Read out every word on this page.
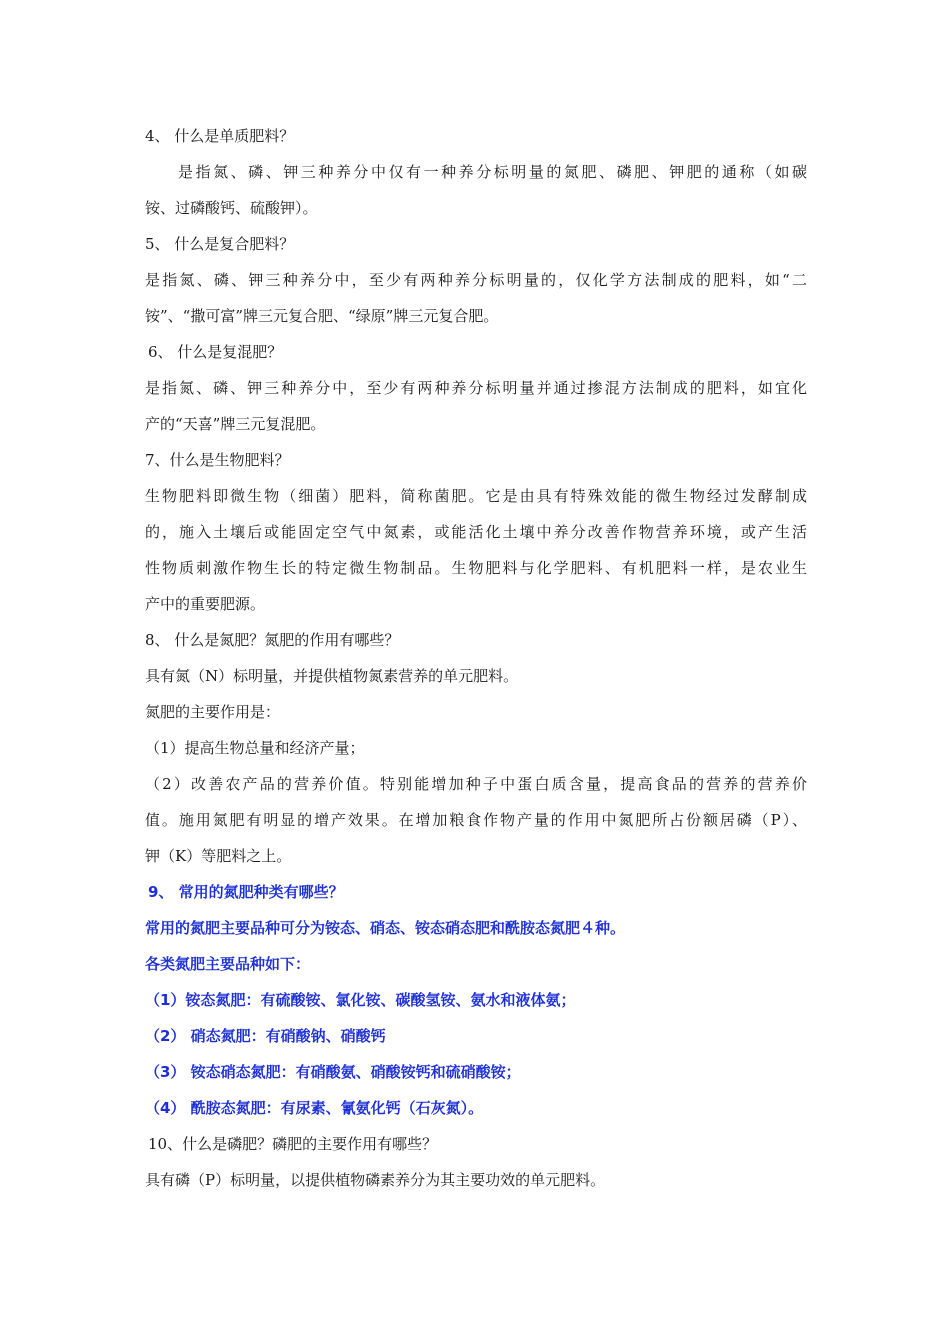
4、 什么是单质肥料？
是指氮、磷、钾三种养分中仅有一种养分标明量的氮肥、磷肥、钾肥的通称（如碳
铵、过磷酸钙、硫酸钾）。
5、 什么是复合肥料？
是指氮、磷、钾三种养分中，至少有两种养分标明量的，仅化学方法制成的肥料，如“二
铵”、“撒可富”牌三元复合肥、“绿原”牌三元复合肥。
6、 什么是复混肥？
是指氮、磷、钾三种养分中，至少有两种养分标明量并通过掺混方法制成的肥料，如宜化
产的“天喜”牌三元复混肥。
7、什么是生物肥料？
生物肥料即微生物（细菌）肥料，简称菌肥。它是由具有特殊效能的微生物经过发酵制成
的，施入土壤后或能固定空气中氮素，或能活化土壤中养分改善作物营养环境，或产生活
性物质刺激作物生长的特定微生物制品。生物肥料与化学肥料、有机肥料一样，是农业生
产中的重要肥源。
8、 什么是氮肥？氮肥的作用有哪些？
具有氮（N）标明量，并提供植物氮素营养的单元肥料。
氮肥的主要作用是：
（1）提高生物总量和经济产量；
（2）改善农产品的营养价值。特别能增加种子中蛋白质含量，提高食品的营养的营养价
值。施用氮肥有明显的增产效果。在增加粮食作物产量的作用中氮肥所占份额居磷（P）、
钾（K）等肥料之上。
9、 常用的氮肥种类有哪些？
常用的氮肥主要品种可分为铵态、硝态、铵态硝态肥和酰胺态氮肥４种。
各类氮肥主要品种如下：
（1）铵态氮肥：有硫酸铵、氯化铵、碳酸氢铵、氨水和液体氨；
（2） 硝态氮肥：有硝酸钠、硝酸钙
（3） 铵态硝态氮肥：有硝酸氨、硝酸铵钙和硫硝酸铵；
（4） 酰胺态氮肥：有尿素、氰氨化钙（石灰氮）。
10、什么是磷肥？磷肥的主要作用有哪些？
具有磷（P）标明量，以提供植物磷素养分为其主要功效的单元肥料。
